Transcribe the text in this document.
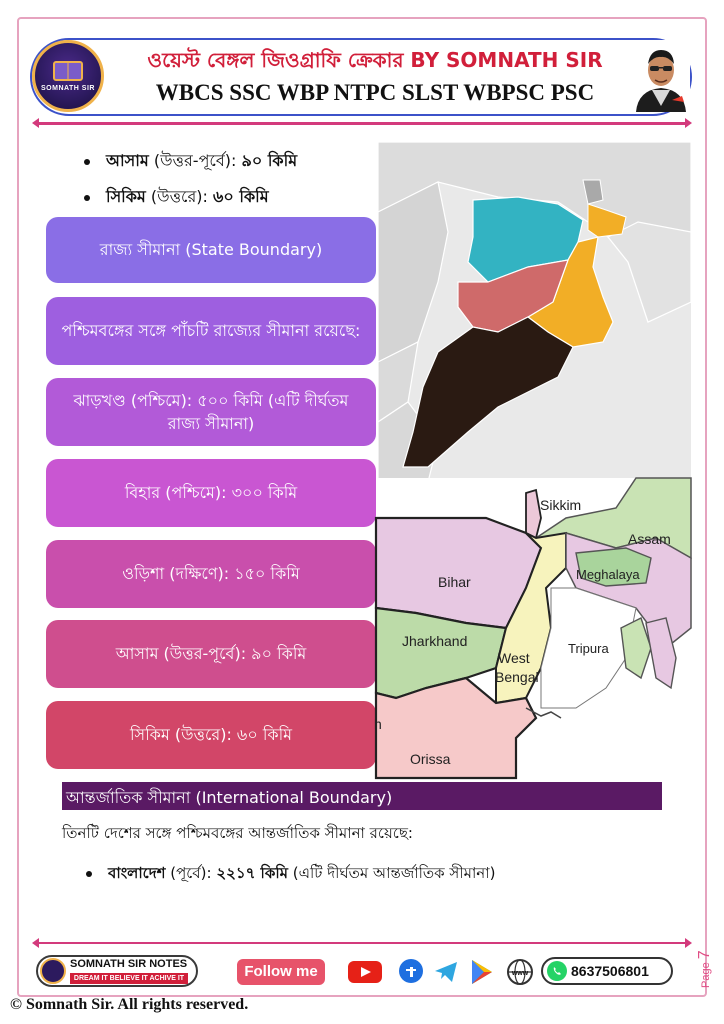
SOMNATH SIR
ওয়েস্ট বেঙ্গল জিওগ্রাফি ক্রেকার BY SOMNATH SIR
WBCS SSC WBP NTPC SLST WBPSC PSC
আসাম (উত্তর-পূর্বে): ৯০ কিমি
সিকিম (উত্তরে): ৬০ কিমি
রাজ্য সীমানা (State Boundary)
পশ্চিমবঙ্গের সঙ্গে পাঁচটি রাজ্যের সীমানা রয়েছে:
ঝাড়খণ্ড (পশ্চিমে): ৫০০ কিমি (এটি দীর্ঘতম রাজ্য সীমানা)
বিহার (পশ্চিমে): ৩০০ কিমি
ওড়িশা (দক্ষিণে): ১৫০ কিমি
আসাম (উত্তর-পূর্বে): ৯০ কিমি
সিকিম (উত্তরে): ৬০ কিমি
Sikkim
Assam
Meghalaya
Bihar
Jharkhand	Tripura
West
Bengal
Orissa
h
আন্তর্জাতিক সীমানা (International Boundary)
তিনটি দেশের সঙ্গে পশ্চিমবঙ্গের আন্তর্জাতিক সীমানা রয়েছে:
বাংলাদেশ (পূর্বে): ২২১৭ কিমি (এটি দীর্ঘতম আন্তর্জাতিক সীমানা)
SOMNATH SIR NOTES
DREAM IT BELIEVE IT ACHIVE IT	Follow me	www	8637506801	Page7
© Somnath Sir. All rights reserved.
